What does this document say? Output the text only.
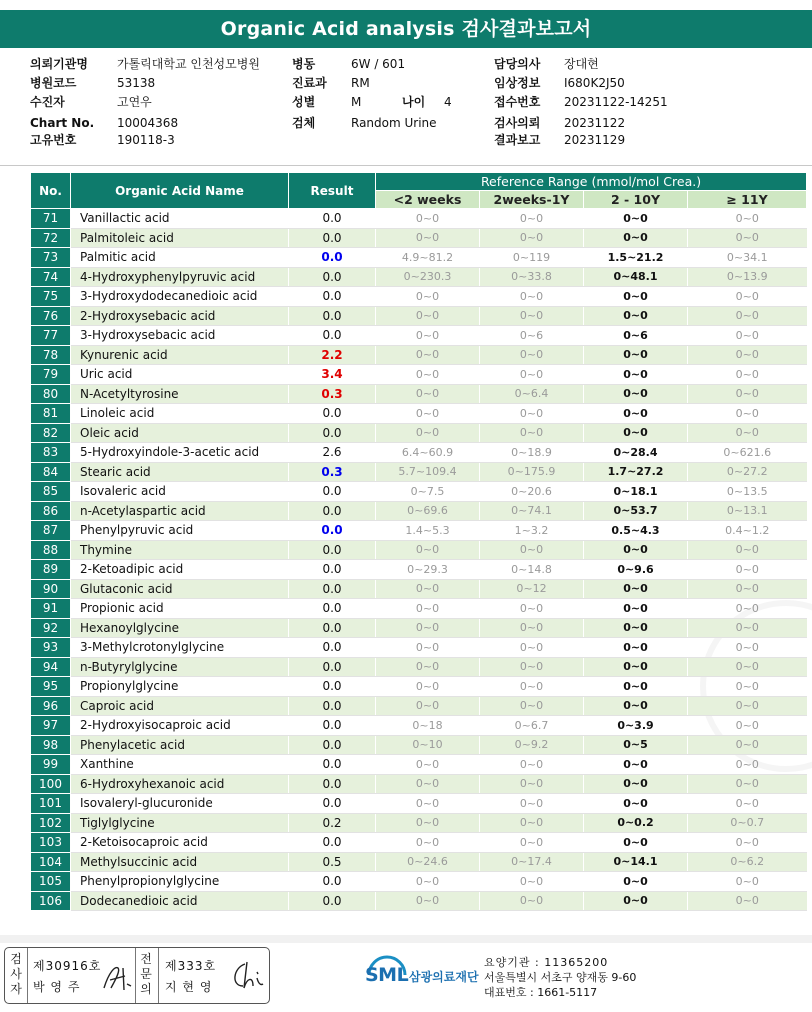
Organic Acid analysis 검사결과보고서
의뢰기관명 가톨릭대학교 인천성모병원	병동	6W / 601	담당의사 장대현
병원코드	53138	진료과 RM	임상정보 I680K2J50
수진자	고연우	성별	M	나이 4	접수번호 20231122-14251
Chart No. 10004368	검체	Random Urine	검사의뢰 20231122
고유번호	190118-3	결과보고 20231129
No.	Organic Acid Name	Result	Reference Range (mmol/mol Crea.)			
			<2 weeks	2weeks-1Y	2 - 10Y	≥ 11Y
71	Vanillactic acid	0.0	0~0	0~0	0~0	0~0
72	Palmitoleic acid	0.0	0~0	0~0	0~0	0~0
73	Palmitic acid	0.0	4.9~81.2	0~119	1.5~21.2	0~34.1
74	4-Hydroxyphenylpyruvic acid	0.0	0~230.3	0~33.8	0~48.1	0~13.9
75	3-Hydroxydodecanedioic acid	0.0	0~0	0~0	0~0	0~0
76	2-Hydroxysebacic acid	0.0	0~0	0~0	0~0	0~0
77	3-Hydroxysebacic acid	0.0	0~0	0~6	0~6	0~0
78	Kynurenic acid	2.2	0~0	0~0	0~0	0~0
79	Uric acid	3.4	0~0	0~0	0~0	0~0
80	N-Acetyltyrosine	0.3	0~0	0~6.4	0~0	0~0
81	Linoleic acid	0.0	0~0	0~0	0~0	0~0
82	Oleic acid	0.0	0~0	0~0	0~0	0~0
83	5-Hydroxyindole-3-acetic acid	2.6	6.4~60.9	0~18.9	0~28.4	0~621.6
84	Stearic acid	0.3	5.7~109.4	0~175.9	1.7~27.2	0~27.2
85	Isovaleric acid	0.0	0~7.5	0~20.6	0~18.1	0~13.5
86	n-Acetylaspartic acid	0.0	0~69.6	0~74.1	0~53.7	0~13.1
87	Phenylpyruvic acid	0.0	1.4~5.3	1~3.2	0.5~4.3	0.4~1.2
88	Thymine	0.0	0~0	0~0	0~0	0~0
89	2-Ketoadipic acid	0.0	0~29.3	0~14.8	0~9.6	0~0
90	Glutaconic acid	0.0	0~0	0~12	0~0	0~0
91	Propionic acid	0.0	0~0	0~0	0~0	0~0
92	Hexanoylglycine	0.0	0~0	0~0	0~0	0~0
93	3-Methylcrotonylglycine	0.0	0~0	0~0	0~0	0~0
94	n-Butyrylglycine	0.0	0~0	0~0	0~0	0~0
95	Propionylglycine	0.0	0~0	0~0	0~0	0~0
96	Caproic acid	0.0	0~0	0~0	0~0	0~0
97	2-Hydroxyisocaproic acid	0.0	0~18	0~6.7	0~3.9	0~0
98	Phenylacetic acid	0.0	0~10	0~9.2	0~5	0~0
99	Xanthine	0.0	0~0	0~0	0~0	0~0
100	6-Hydroxyhexanoic acid	0.0	0~0	0~0	0~0	0~0
101	Isovaleryl-glucuronide	0.0	0~0	0~0	0~0	0~0
102	Tiglylglycine	0.2	0~0	0~0	0~0.2	0~0.7
103	2-Ketoisocaproic acid	0.0	0~0	0~0	0~0	0~0
104	Methylsuccinic acid	0.5	0~24.6	0~17.4	0~14.1	0~6.2
105	Phenylpropionylglycine	0.0	0~0	0~0	0~0	0~0
106	Dodecanedioic acid	0.0	0~0	0~0	0~0	0~0
검사자
제30916호
박 영 주
전문의
제333호
지 현 영
SML 삼광의료재단
요양기관 : 11365200
서울특별시 서초구 양재동 9-60
대표번호 : 1661-5117
